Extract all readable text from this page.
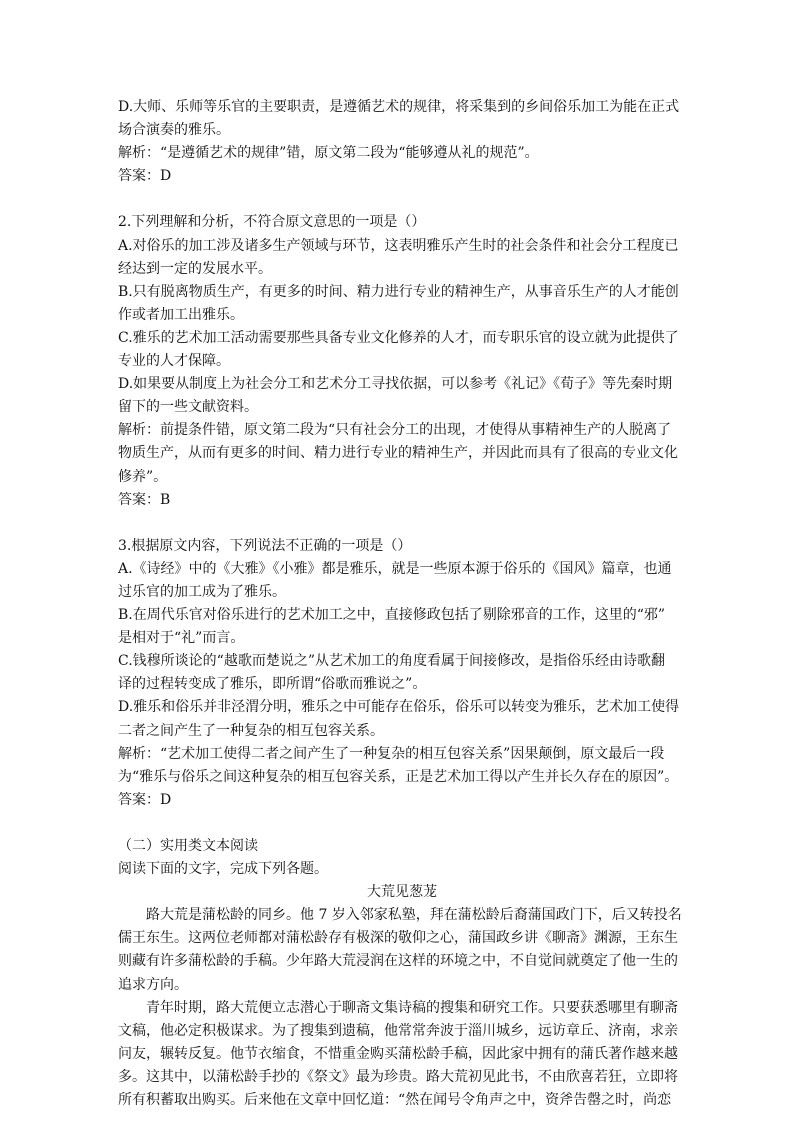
D.大师、乐师等乐官的主要职责，是遵循艺术的规律，将采集到的乡间俗乐加工为能在正式
场合演奏的雅乐。
解析：“是遵循艺术的规律”错，原文第二段为“能够遵从礼的规范”。
答案：D
2.下列理解和分析，不符合原文意思的一项是（）
A.对俗乐的加工涉及诸多生产领域与环节，这表明雅乐产生时的社会条件和社会分工程度已
经达到一定的发展水平。
B.只有脱离物质生产，有更多的时间、精力进行专业的精神生产，从事音乐生产的人才能创
作或者加工出雅乐。
C.雅乐的艺术加工活动需要那些具备专业文化修养的人才，而专职乐官的设立就为此提供了
专业的人才保障。
D.如果要从制度上为社会分工和艺术分工寻找依据，可以参考《礼记》《荀子》等先秦时期
留下的一些文献资料。
解析：前提条件错，原文第二段为“只有社会分工的出现，才使得从事精神生产的人脱离了
物质生产，从而有更多的时间、精力进行专业的精神生产，并因此而具有了很高的专业文化
修养”。
答案：B
3.根据原文内容，下列说法不正确的一项是（）
A.《诗经》中的《大雅》《小雅》都是雅乐，就是一些原本源于俗乐的《国风》篇章，也通
过乐官的加工成为了雅乐。
B.在周代乐官对俗乐进行的艺术加工之中，直接修政包括了剔除邪音的工作，这里的“邪”
是相对于“礼”而言。
C.钱穆所谈论的“越歌而楚说之”从艺术加工的角度看属于间接修改，是指俗乐经由诗歌翻
译的过程转变成了雅乐，即所谓“俗歌而雅说之”。
D.雅乐和俗乐并非泾渭分明，雅乐之中可能存在俗乐，俗乐可以转变为雅乐，艺术加工使得
二者之间产生了一种复杂的相互包容关系。
解析：“艺术加工使得二者之间产生了一种复杂的相互包容关系”因果颠倒，原文最后一段
为“雅乐与俗乐之间这种复杂的相互包容关系，正是艺术加工得以产生并长久存在的原因”。
答案：D
（二）实用类文本阅读
阅读下面的文字，完成下列各题。
大荒见葱茏
路大荒是蒲松龄的同乡。他 7 岁入邻家私塾，拜在蒲松龄后裔蒲国政门下，后又转投名
儒王东生。这两位老师都对蒲松龄存有极深的敬仰之心，蒲国政乡讲《聊斋》渊源，王东生
则藏有许多蒲松龄的手稿。少年路大荒浸润在这样的环境之中，不自觉间就奠定了他一生的
追求方向。
青年时期，路大荒便立志潜心于聊斋文集诗稿的搜集和研究工作。只要获悉哪里有聊斋
文稿，他必定积极谋求。为了搜集到遗稿，他常常奔波于淄川城乡，远访章丘、济南，求亲
问友，辗转反复。他节衣缩食，不惜重金购买蒲松龄手稿，因此家中拥有的蒲氏著作越来越
多。这其中，以蒲松龄手抄的《祭文》最为珍贵。路大荒初见此书，不由欣喜若狂，立即将
所有积蓄取出购买。后来他在文章中回忆道：“然在闻号令角声之中，资斧告罄之时，尚恋
